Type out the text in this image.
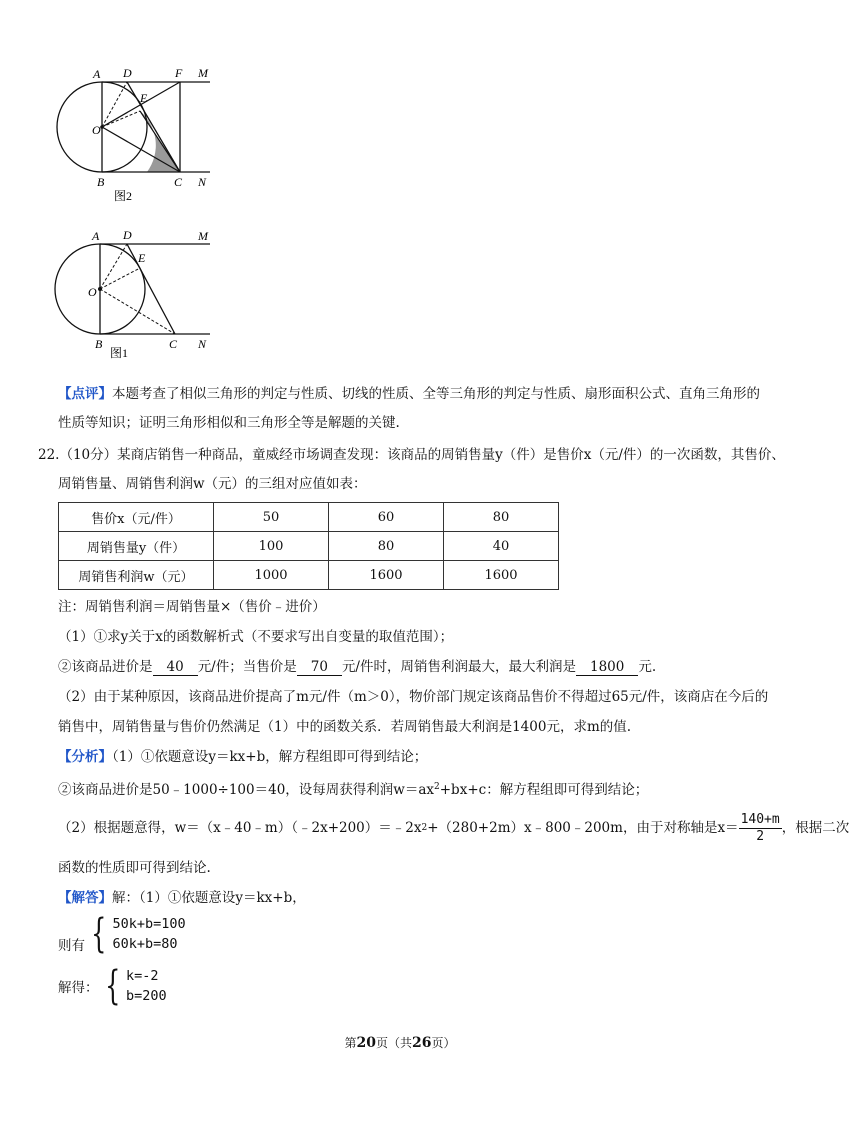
A D	F M
E
O
B	C N
图2
A D	M
E
O
B	C N
图1
【点评】本题考查了相似三角形的判定与性质、切线的性质、全等三角形的判定与性质、扇形面积公式、直角三角形的
性质等知识；证明三角形相似和三角形全等是解题的关键.
22.（10分）某商店销售一种商品，童威经市场调查发现：该商品的周销售量y（件）是售价x（元/件）的一次函数，其售价、
周销售量、周销售利润w（元）的三组对应值如表：
售价x（元/件）	50	60	80
周销售量y（件）	100	80	40
周销售利润w（元）	1000	1600	1600
注：周销售利润＝周销售量×（售价﹣进价）
（1）①求y关于x的函数解析式（不要求写出自变量的取值范围）；
②该商品进价是 40 元/件；当售价是 70 元/件时，周销售利润最大，最大利润是 1800 元.
（2）由于某种原因，该商品进价提高了m元/件（m＞0），物价部门规定该商品售价不得超过65元/件，该商店在今后的
销售中，周销售量与售价仍然满足（1）中的函数关系．若周销售最大利润是1400元，求m的值.
【分析】（1）①依题意设y＝kx+b，解方程组即可得到结论；
②该商品进价是50﹣1000÷100＝40，设每周获得利润$w=ax^2+bx+c$：解方程组即可得到结论；
（2）根据题意得，w＝（x﹣40﹣m）（﹣2x+200）＝﹣2x 2 +（280+2m）x﹣800﹣200m，由于对称轴是$x= \frac{140+m}{2}$ ，根据二次
函数的性质即可得到结论.
【解答】解：（1）①依题意设y＝kx+b，
则有 { 50k+b=100
60k+b=80
解得： { k=-2
b=200
第20页（共26页）
